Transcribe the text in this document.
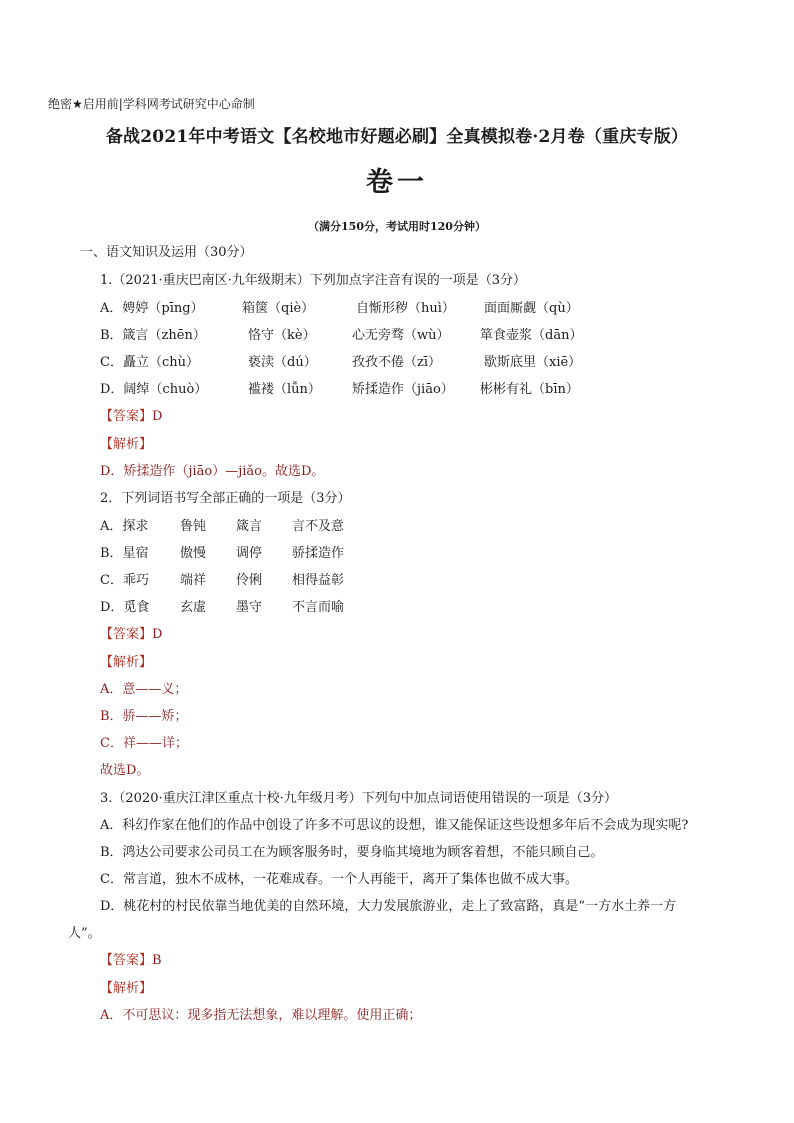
绝密★启用前|学科网考试研究中心命制
备战2021年中考语文【名校地市好题必刷】全真模拟卷·2月卷（重庆专版）
卷一
（满分150分，考试用时120分钟）
一、语文知识及运用（30分）
1.（2021·重庆巴南区·九年级期末）下列加点字注音有误的一项是（3分）
A．娉婷（pīng）	箱箧（qiè）	自惭形秽（huì） 面面厮觑（qù）
B．箴言（zhēn）	恪守（kè）	心无旁骛（wù） 箪食壶浆（dān）
C．矗立（chù）	亵渎（dú）	孜孜不倦（zī）	歇斯底里（xiē）
D．阔绰（chuò）	褴褛（lǚn） 矫揉造作（jiāo） 彬彬有礼（bīn）
【答案】D
【解析】
D．矫揉造作（jiāo）—jiǎo。故选D。
2．下列词语书写全部正确的一项是（3分）
A．探求 鲁钝 箴言 言不及意
B．星宿 傲慢 调停 骄揉造作
C．乖巧 端祥 伶俐 相得益彰
D．觅食 玄虚 墨守 不言而喻
【答案】D
【解析】
A．意——义；
B．骄——矫；
C．祥——详；
故选D。
3.（2020·重庆江津区重点十校·九年级月考）下列句中加点词语使用错误的一项是（3分）
A．科幻作家在他们的作品中创设了许多不可思议的设想，谁又能保证这些设想多年后不会成为现实呢?
B．鸿达公司要求公司员工在为顾客服务时，要身临其境地为顾客着想，不能只顾自己。
C．常言道，独木不成林，一花难成春。一个人再能干，离开了集体也做不成大事。
D．桃花村的村民依靠当地优美的自然环境，大力发展旅游业，走上了致富路，真是“一方水土养一方
人”。
【答案】B
【解析】
A．不可思议：现多指无法想象，难以理解。使用正确；
